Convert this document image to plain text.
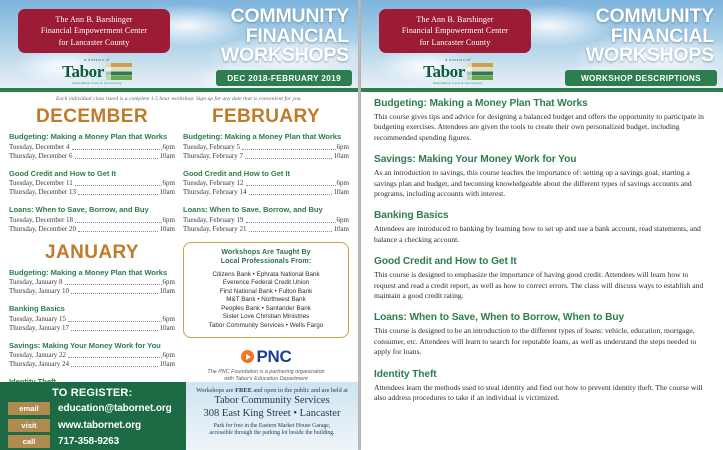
The Ann B. Barshinger
Financial Empowerment Center
for Lancaster County

a division of
Tabor
Rebuilding Lives & Community
COMMUNITY FINANCIAL WORKSHOPS
DEC 2018-FEBRUARY 2019
Each individual class listed is a complete 1.5 hour workshop. Sign up for any date that is convenient for you.
DECEMBER
Budgeting: Making a Money Plan that Works
Tuesday, December 4	6pm
Thursday, December 6	10am
Good Credit and How to Get It
Tuesday, December 11	6pm
Thursday, December 13	10am
Loans: When to Save, Borrow, and Buy
Tuesday, December 18	6pm
Thursday, December 20	10am
JANUARY
Budgeting: Making a Money Plan that Works
Tuesday, January 8	6pm
Thursday, January 10	10am
Banking Basics
Tuesday, January 15	6pm
Thursday, January 17	10am
Savings: Making Your Money Work for You
Tuesday, January 22	6pm
Thursday, January 24	10am
FEBRUARY
Budgeting: Making a Money Plan that Works
Tuesday, February 5	6pm
Thursday, February 7	10am
Good Credit and How to Get It
Tuesday, February 12	6pm
Thursday, February 14	10am
Loans: When to Save, Borrow, and Buy
Tuesday, February 19	6pm
Thursday, February 21	10am
Workshops Are Taught By
Local Professionals From:
Citizens Bank • Ephrata National Bank
Everence Federal Credit Union
First National Bank • Fulton Bank
M&T Bank • Northwest Bank
Peoples Bank • Santander Bank
Sister Love Christian Ministries
Tabor Community Services • Wells Fargo
PNC
The PNC Foundation is a partnering organization
with Tabor's Education Department
TO REGISTER:
email	education@tabornet.org
visit	www.tabornet.org
call	717-358-9263
Workshops are FREE and open to the public and are held at
Tabor Community Services
308 East King Street • Lancaster
Park for free in the Eastern Market House Garage,
accessible through the parking lot beside the building.

The Ann B. Barshinger
Financial Empowerment Center
for Lancaster County

a division of
Tabor
Rebuilding Lives & Community
COMMUNITY FINANCIAL WORKSHOPS
WORKSHOP DESCRIPTIONS
Budgeting: Making a Money Plan That Works

This course gives tips and advice for designing a balanced budget and offers the opportunity to participate in budgeting exercises. Attendees are given the tools to create their own personalized budget, including recommended spending figures.

Savings: Making Your Money Work for You

As an introduction to savings, this course teaches the importance of: setting up a savings goal, starting a savings plan and budget, and becoming knowledgeable about the different types of savings accounts and programs, including accounts with interest.

Banking Basics

Attendees are introduced to banking by learning how to set up and use a bank account, read statements, and balance a checking account.

Good Credit and How to Get It

This course is designed to emphasize the importance of having good credit. Attendees will learn how to request and read a credit report, as well as how to correct errors. The class will discuss ways to establish and maintain a good credit rating.

Loans: When to Save, When to Borrow, When to Buy

This course is designed to be an introduction to the different types of loans: vehicle, education, mortgage, consumer, etc. Attendees will learn to search for reputable loans, as well as understand the steps needed to apply for loans.

Identity Theft

Attendees learn the methods used to steal identity and find out how to prevent identity theft. The course will also address procedures to take if an individual is victimized.
